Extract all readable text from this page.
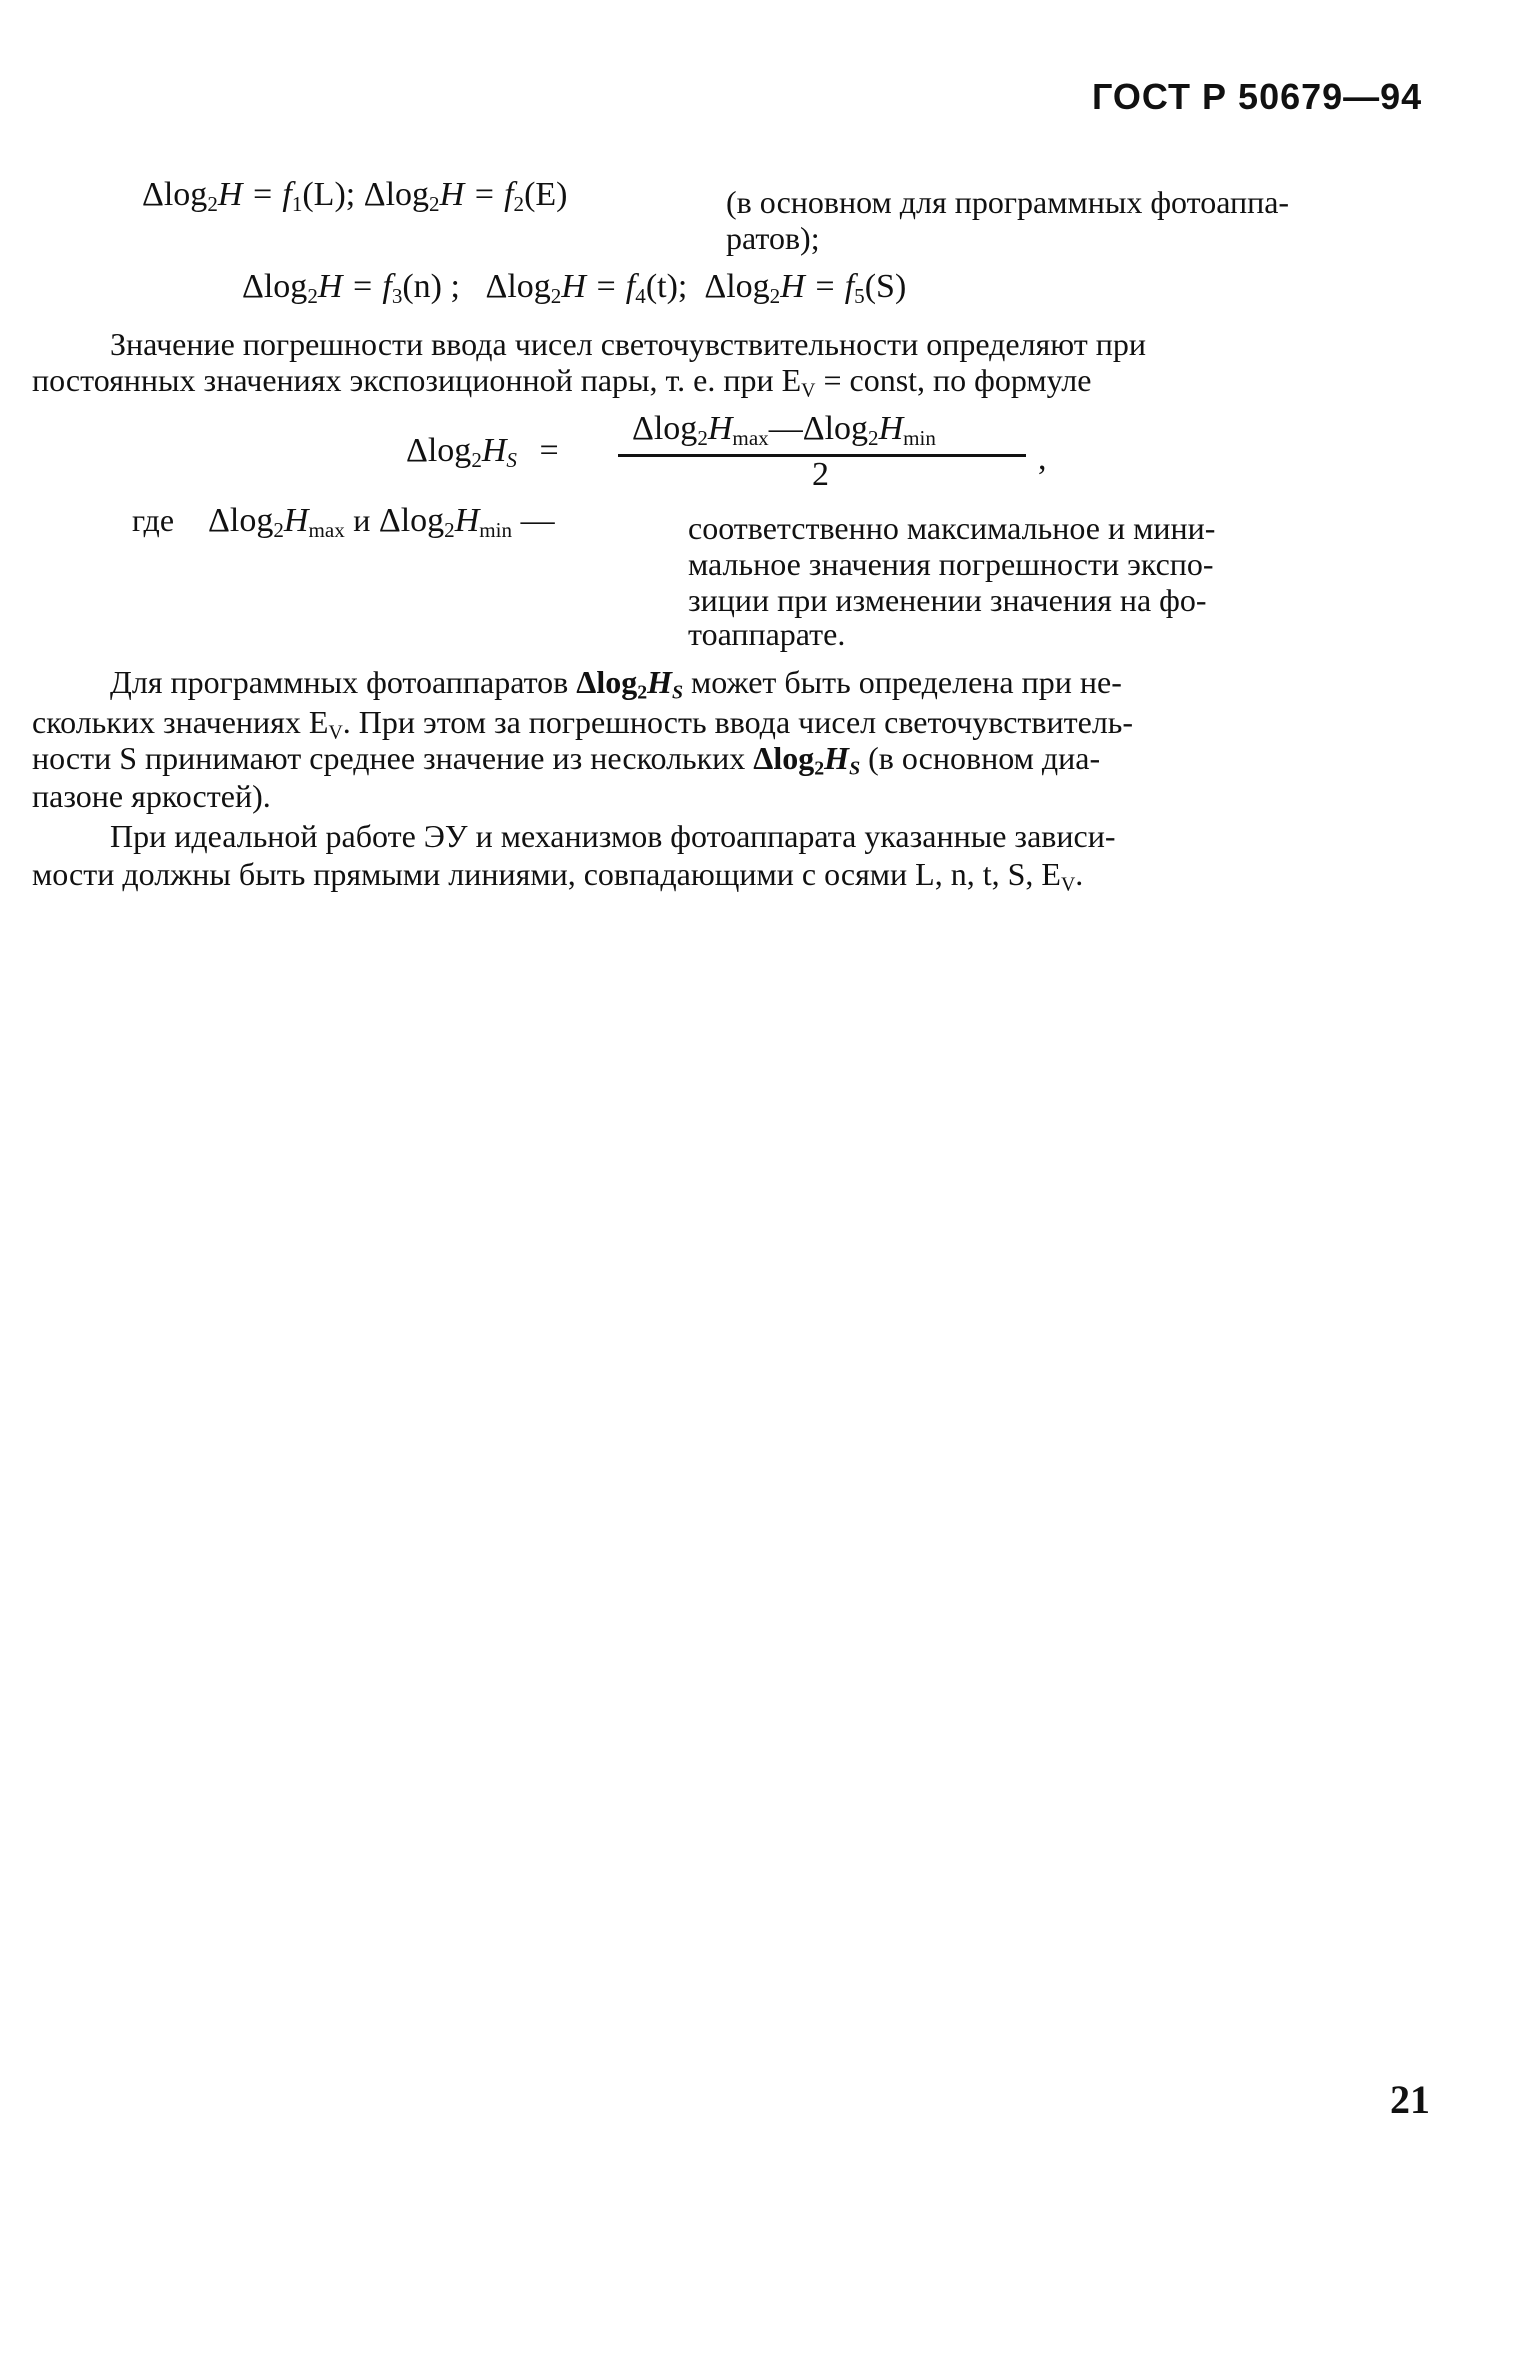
ГОСТ Р 50679—94
$\Delta\log_2H = f_1(L)$; $\Delta\log_2H = f_2(E)$	(в основном для программных фотоаппа-
ратов);
$\Delta\log_2H = f_3(n)$ ; $\Delta\log_2H = f_4(t)$; $\Delta\log_2H = f_5(S)$
Значение погрешности ввода чисел светочувствительности определяют при
постоянных значениях экспозиционной пары, т. е. при $E_V$ = const, по формуле
$\Delta\log_2H_S$ =
$\Delta\log_2H_{max}—\Delta\log_2H_{min}$
2	,
где $\Delta\log_2H_{max}$ и $\Delta\log_2H_{min}$ —	соответственно максимальное и мини-
мальное значения погрешности экспо-
зиции при изменении значения на фо-
тоаппарате.
Для программных фотоаппаратов $\Delta\log_2H_S$ может быть определена при не-
скольких значениях $E_V$. При этом за погрешность ввода чисел светочувствитель-
ности S принимают среднее значение из нескольких $\Delta\log_2H_S$ (в основном диа-
пазоне яркостей).
При идеальной работе ЭУ и механизмов фотоаппарата указанные зависи-
мости должны быть прямыми линиями, совпадающими с осями L, n, t, S, $E_V$.
21
